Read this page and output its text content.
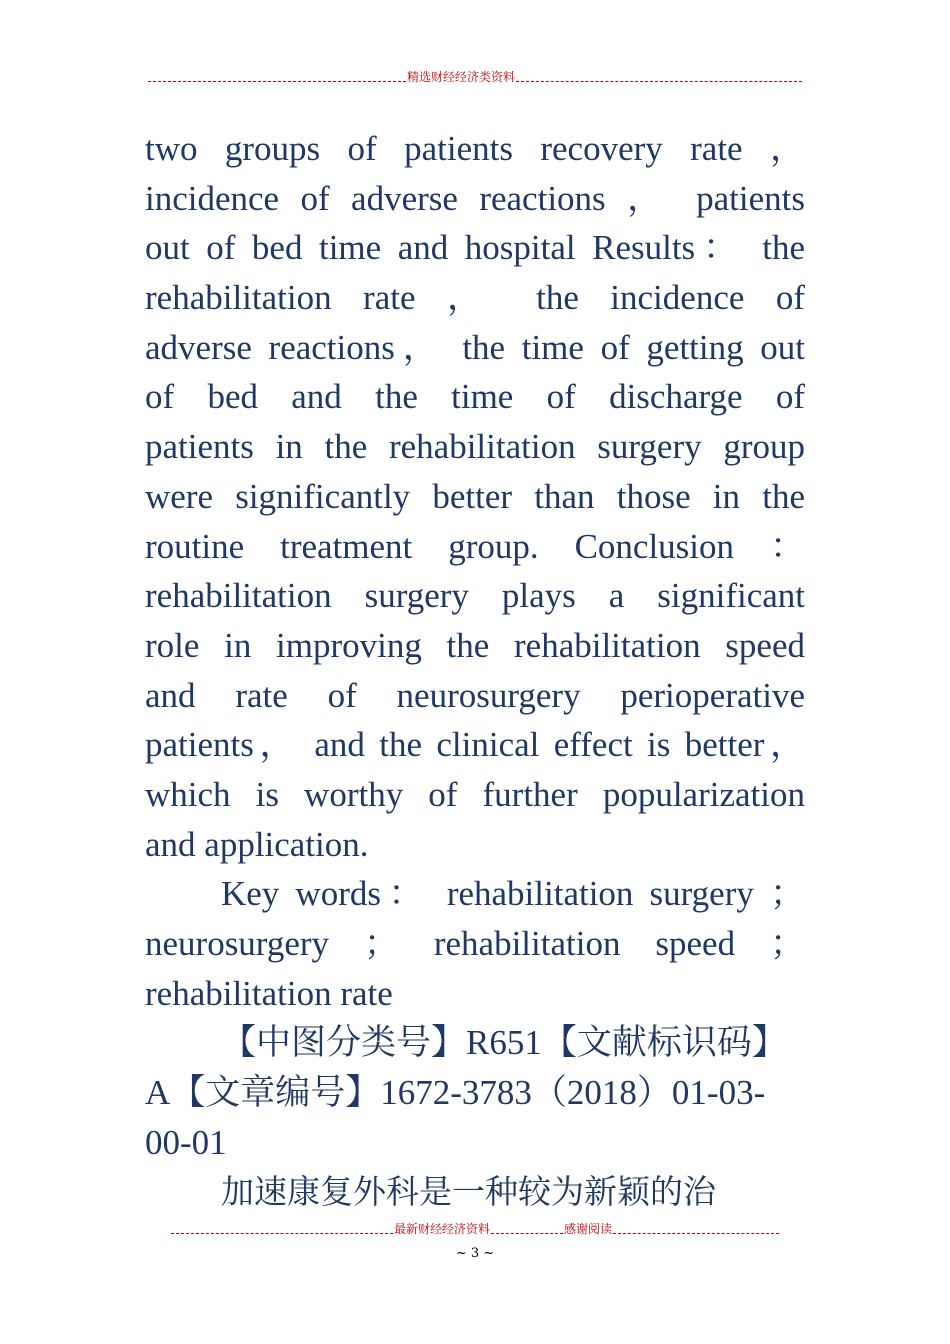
精选财经经济类资料
two groups of patients recovery rate ，
incidence of adverse reactions ， patients
out of bed time and hospital Results： the
rehabilitation rate ， the incidence of
adverse reactions， the time of getting out
of bed and the time of discharge of
patients in the rehabilitation surgery group
were significantly better than those in the
routine treatment group. Conclusion ：
rehabilitation surgery plays a significant
role in improving the rehabilitation speed
and rate of neurosurgery perioperative
patients， and the clinical effect is better，
which is worthy of further popularization
and application.
Key words： rehabilitation surgery ；
neurosurgery ； rehabilitation speed ；
rehabilitation rate
【中图分类号】R651【文献标识码】
A【文章编号】1672-3783（2018）01-03-
00-01
加速康复外科是一种较为新颖的治
最新财经经济资料	感谢阅读
~ 3 ~
